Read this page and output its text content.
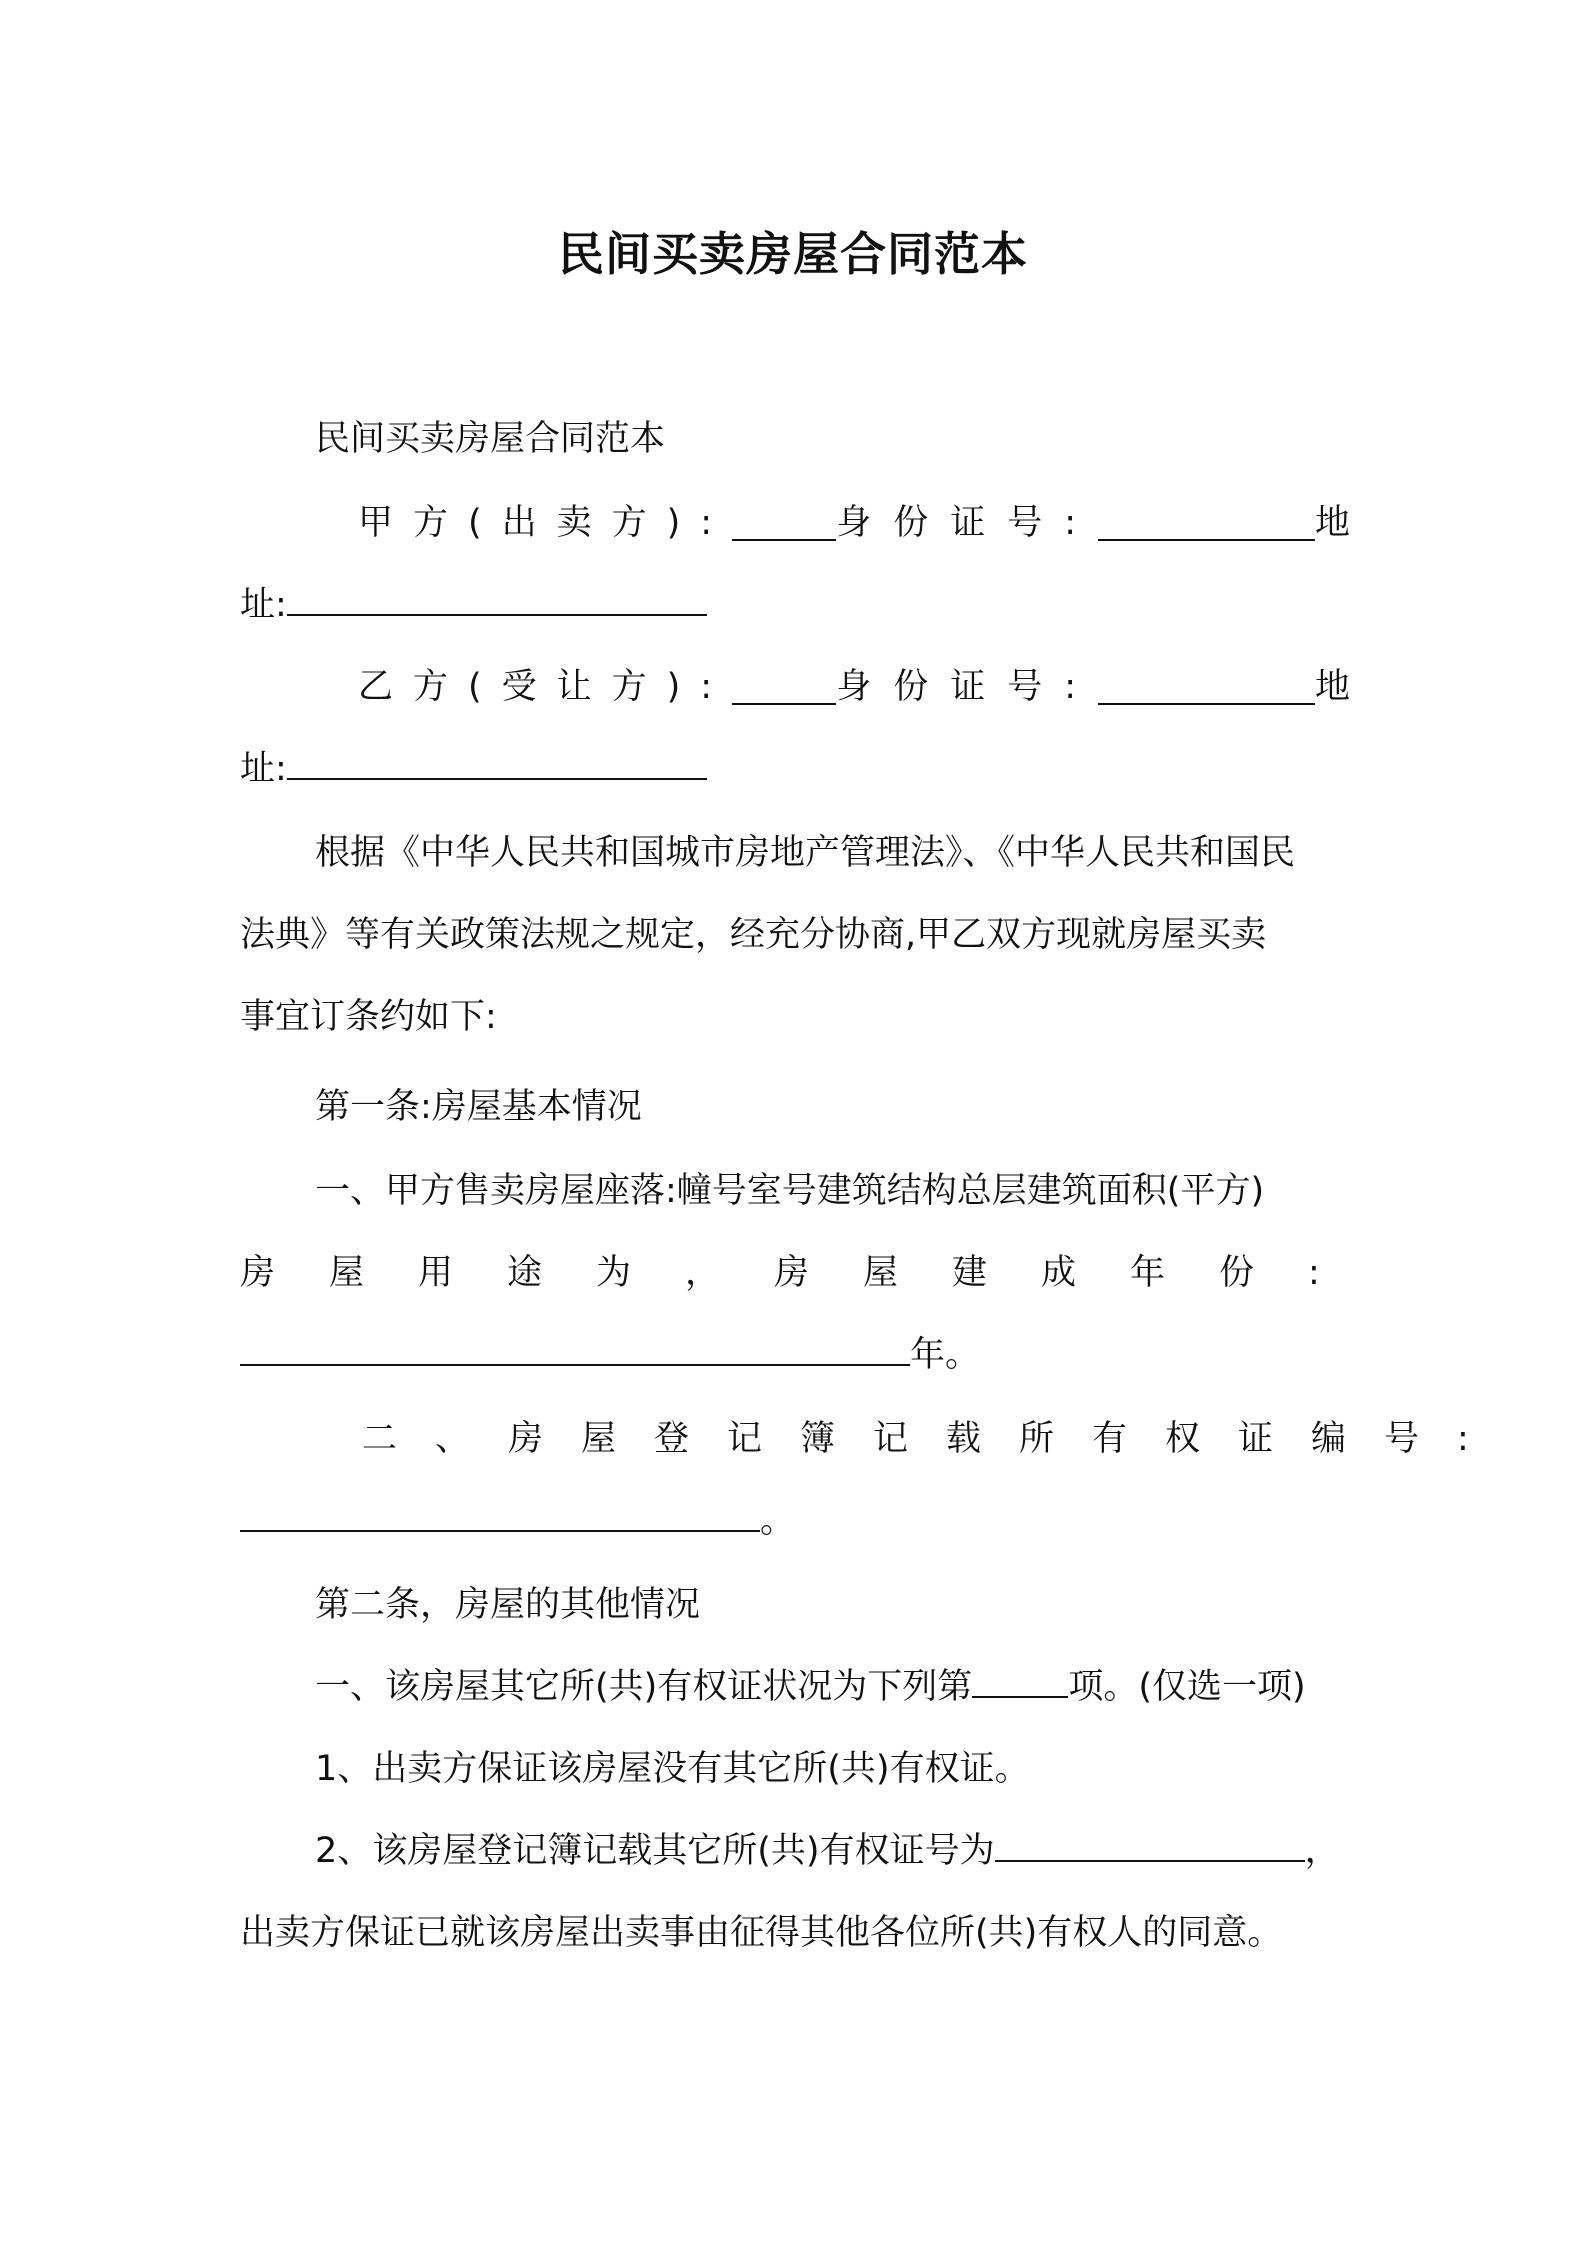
民间买卖房屋合同范本
民间买卖房屋合同范本
甲方(出卖方):	身份证号:	地
址:
乙方(受让方):	身份证号:	地
址:
根据《中华人民共和国城市房地产管理法》、《中华人民共和国民
法典》等有关政策法规之规定，经充分协商,甲乙双方现就房屋买卖
事宜订条约如下:
第一条:房屋基本情况
一、甲方售卖房屋座落:幢号室号建筑结构总层建筑面积(平方)
房屋用途为，房屋建成年份:
年。
二、房屋登记簿记载所有权证编号:
。
第二条，房屋的其他情况
一、该房屋其它所(共)有权证状况为下列第	项。(仅选一项)
1、出卖方保证该房屋没有其它所(共)有权证。
2、该房屋登记簿记载其它所(共)有权证号为	，
出卖方保证已就该房屋出卖事由征得其他各位所(共)有权人的同意。
